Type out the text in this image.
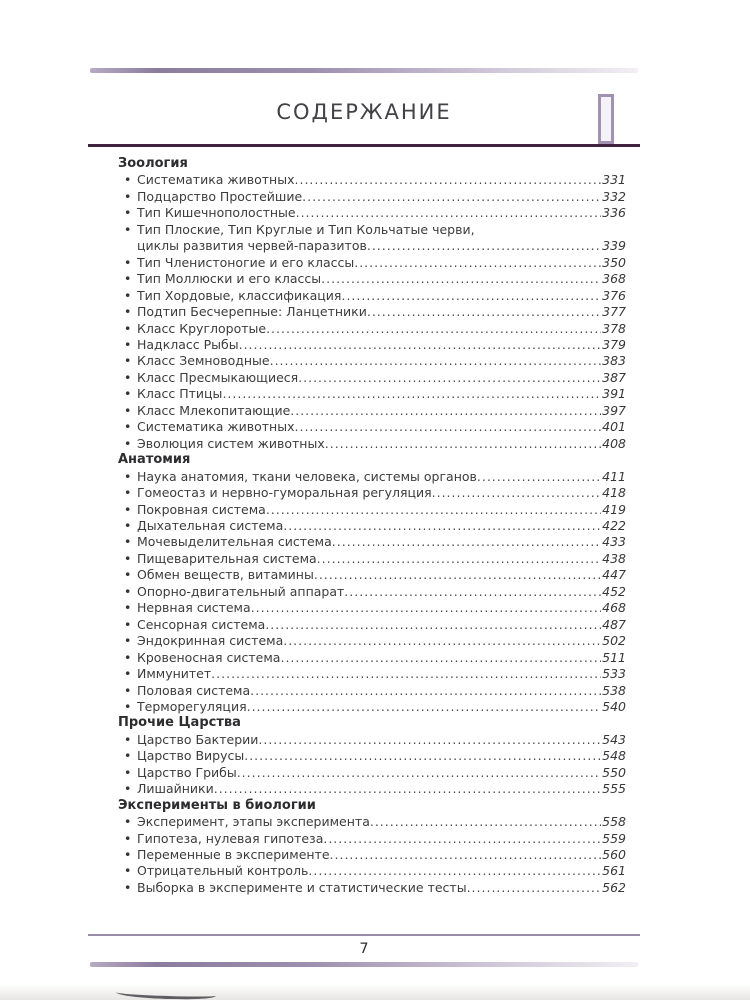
СОДЕРЖАНИЕ
Зоология
• Систематика животных .....	331
• Подцарство Простейшие .....	332
• Тип Кишечнополостные .....	336
• Тип Плоские, Тип Круглые и Тип Кольчатые черви,
циклы развития червей-паразитов .....	339
• Тип Членистоногие и его классы .....	350
• Тип Моллюски и его классы .....	368
• Тип Хордовые, классификация .....	376
• Подтип Бесчерепные: Ланцетники .....	377
• Класс Круглоротые .....	378
• Надкласс Рыбы .....	379
• Класс Земноводные .....	383
• Класс Пресмыкающиеся .....	387
• Класс Птицы .....	391
• Класс Млекопитающие .....	397
• Систематика животных .....	401
• Эволюция систем животных .....	408
Анатомия
• Наука анатомия, ткани человека, системы органов .....	411
• Гомеостаз и нервно-гуморальная регуляция .....	418
• Покровная система .....	419
• Дыхательная система .....	422
• Мочевыделительная система .....	433
• Пищеварительная система .....	438
• Обмен веществ, витамины .....	447
• Опорно-двигательный аппарат .....	452
• Нервная система .....	468
• Сенсорная система .....	487
• Эндокринная система .....	502
• Кровеносная система .....	511
• Иммунитет .....	533
• Половая система .....	538
• Терморегуляция .....	540
Прочие Царства
• Царство Бактерии .....	543
• Царство Вирусы .....	548
• Царство Грибы .....	550
• Лишайники .....	555
Эксперименты в биологии
• Эксперимент, этапы эксперимента .....	558
• Гипотеза, нулевая гипотеза .....	559
• Переменные в эксперименте .....	560
• Отрицательный контроль .....	561
• Выборка в эксперименте и статистические тесты .....	562
7
